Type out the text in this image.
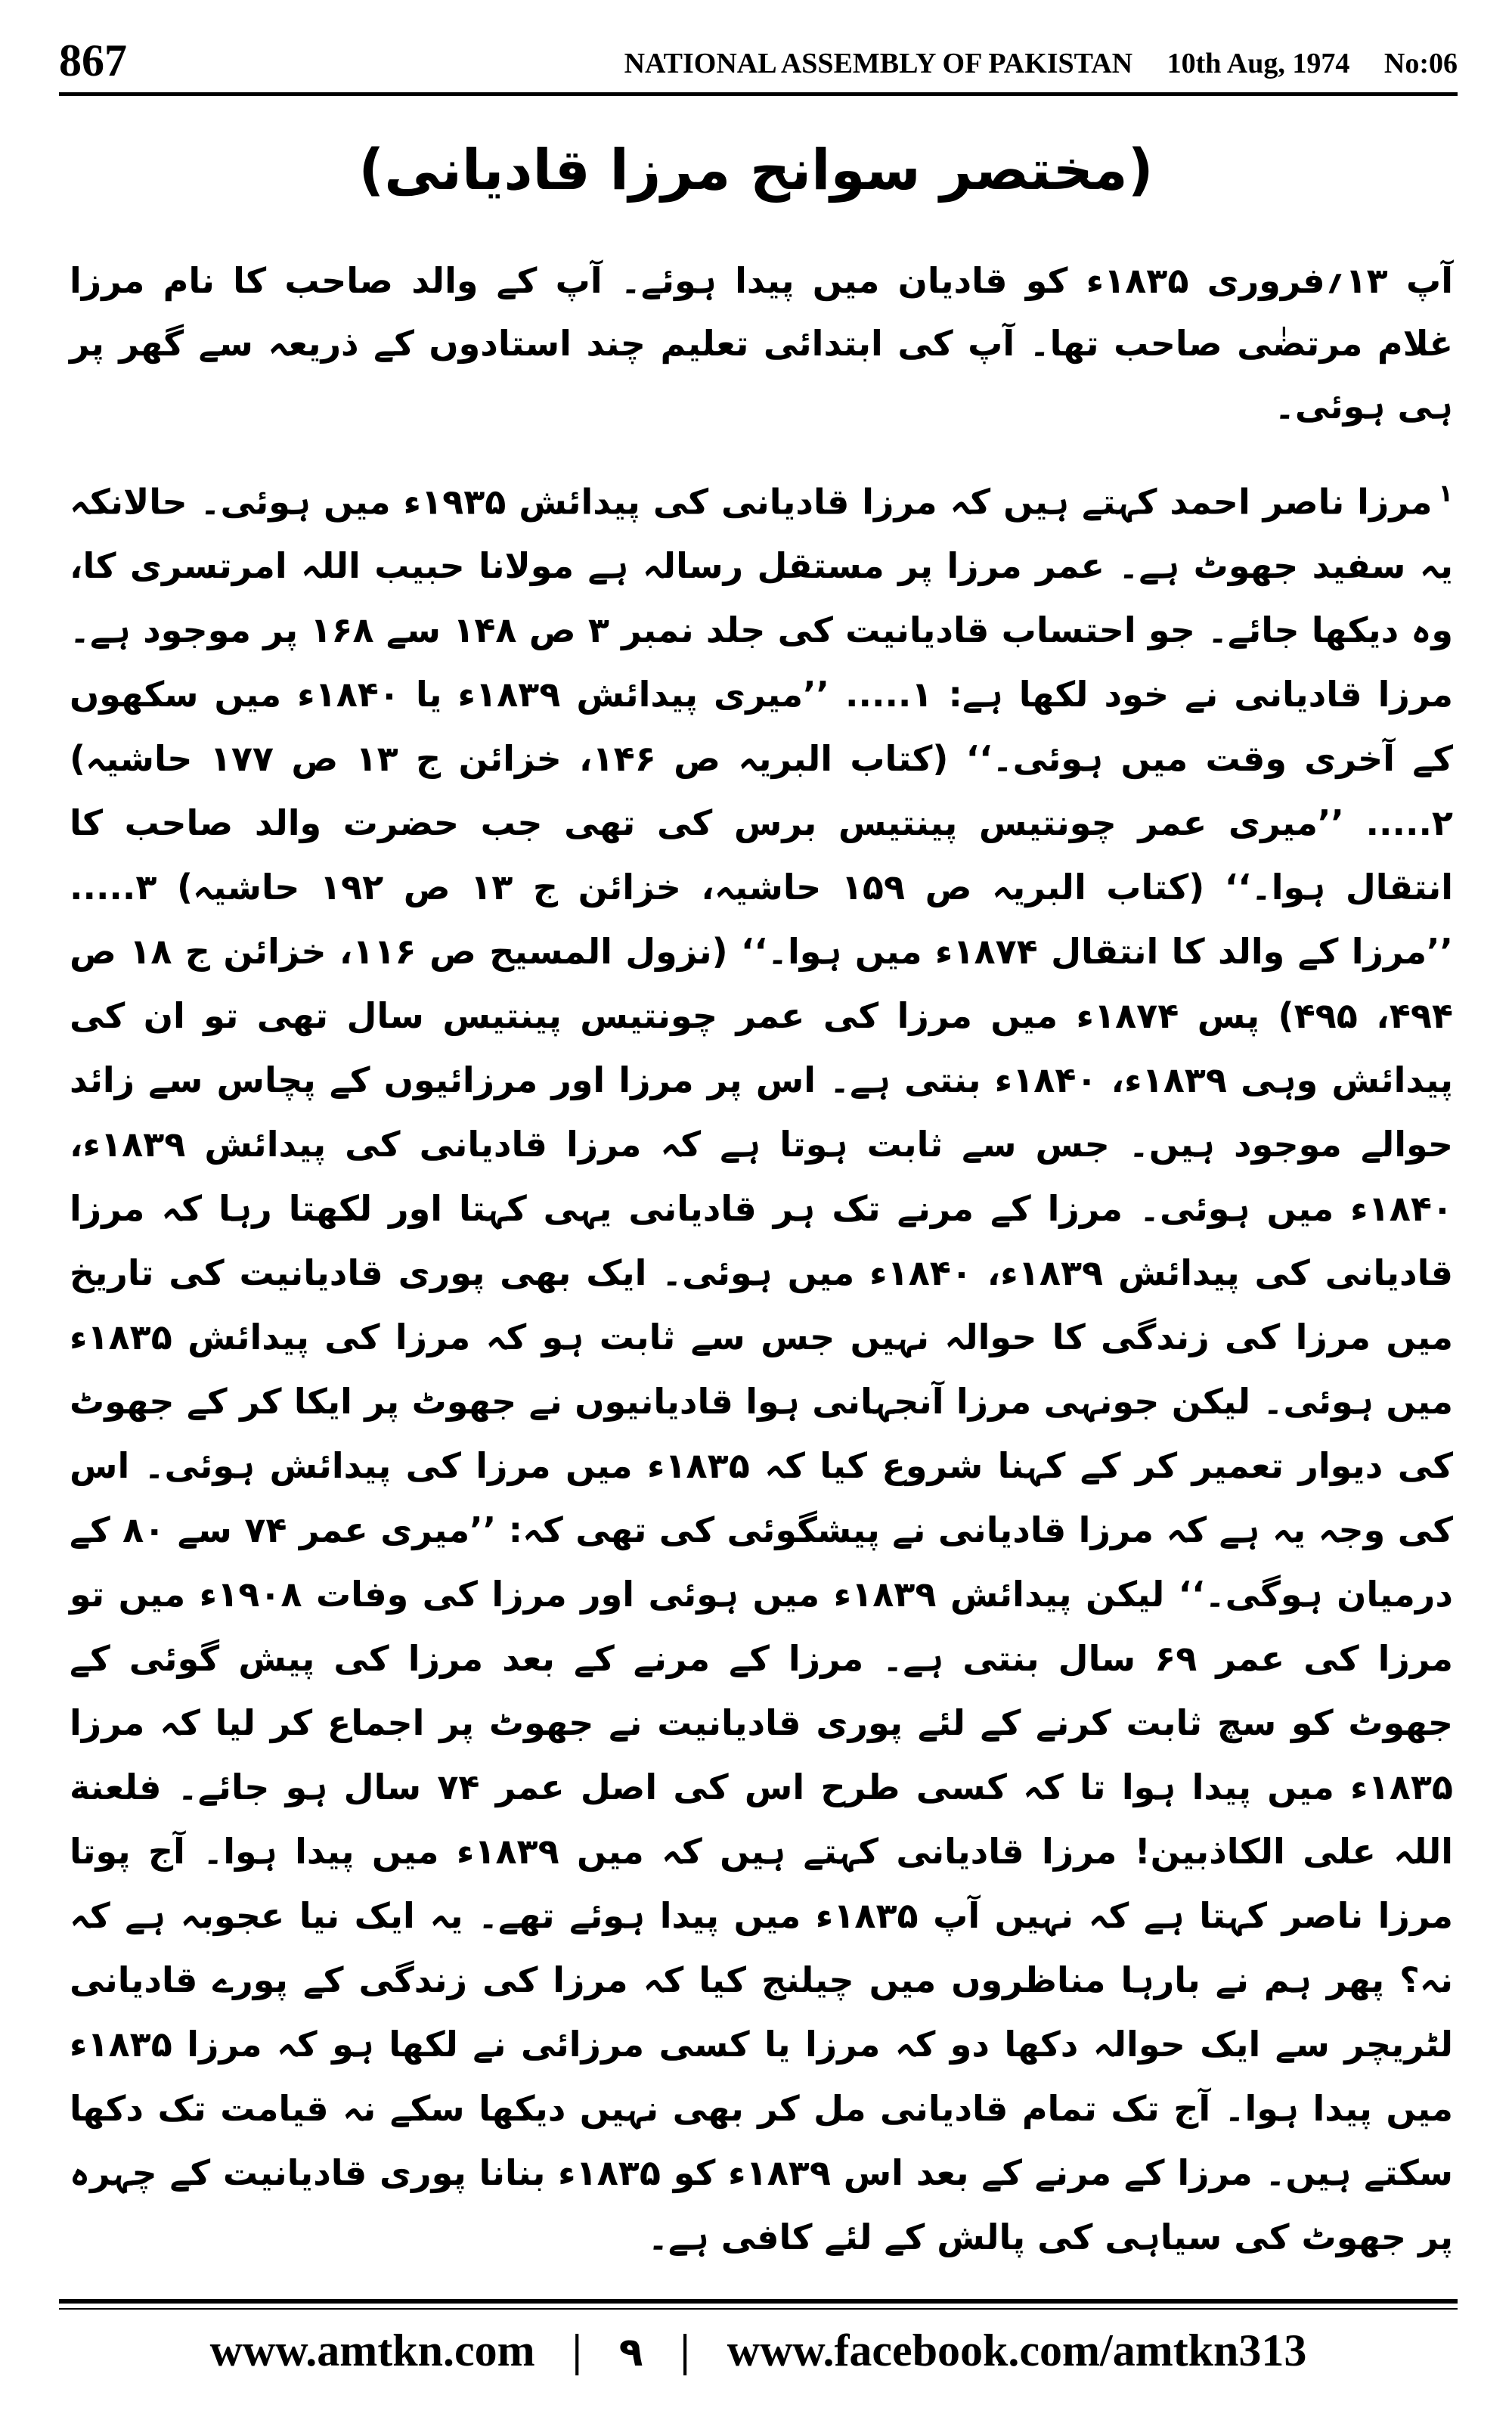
867	NATIONAL ASSEMBLY OF PAKISTAN 10th Aug, 1974 No:06
(مختصر سوانح مرزا قادیانی)

آپ ۱۳؍فروری ۱۸۳۵ء کو قادیان میں پیدا ہوئے۔ آپ کے والد صاحب کا نام مرزا غلام مرتضٰی صاحب تھا۔ آپ کی ابتدائی تعلیم چند استادوں کے ذریعہ سے گھر پر ہی ہوئی۔

$^۱$مرزا ناصر احمد کہتے ہیں کہ مرزا قادیانی کی پیدائش ۱۹۳۵ء میں ہوئی۔ حالانکہ یہ سفید جھوٹ ہے۔ عمر مرزا پر مستقل رسالہ ہے مولانا حبیب اللہ امرتسری کا، وہ دیکھا جائے۔ جو احتساب قادیانیت کی جلد نمبر ۳ ص ۱۴۸ سے ۱۶۸ پر موجود ہے۔ مرزا قادیانی نے خود لکھا ہے: ۱..... ’’میری پیدائش ۱۸۳۹ء یا ۱۸۴۰ء میں سکھوں کے آخری وقت میں ہوئی۔‘‘ (کتاب البریہ ص ۱۴۶، خزائن ج ۱۳ ص ۱۷۷ حاشیہ) ۲..... ’’میری عمر چونتیس پینتیس برس کی تھی جب حضرت والد صاحب کا انتقال ہوا۔‘‘ (کتاب البریہ ص ۱۵۹ حاشیہ، خزائن ج ۱۳ ص ۱۹۲ حاشیہ) ۳..... ’’مرزا کے والد کا انتقال ۱۸۷۴ء میں ہوا۔‘‘ (نزول المسیح ص ۱۱۶، خزائن ج ۱۸ ص ۴۹۴، ۴۹۵) پس ۱۸۷۴ء میں مرزا کی عمر چونتیس پینتیس سال تھی تو ان کی پیدائش وہی ۱۸۳۹ء، ۱۸۴۰ء بنتی ہے۔ اس پر مرزا اور مرزائیوں کے پچاس سے زائد حوالے موجود ہیں۔ جس سے ثابت ہوتا ہے کہ مرزا قادیانی کی پیدائش ۱۸۳۹ء، ۱۸۴۰ء میں ہوئی۔ مرزا کے مرنے تک ہر قادیانی یہی کہتا اور لکھتا رہا کہ مرزا قادیانی کی پیدائش ۱۸۳۹ء، ۱۸۴۰ء میں ہوئی۔ ایک بھی پوری قادیانیت کی تاریخ میں مرزا کی زندگی کا حوالہ نہیں جس سے ثابت ہو کہ مرزا کی پیدائش ۱۸۳۵ء میں ہوئی۔ لیکن جونہی مرزا آنجہانی ہوا قادیانیوں نے جھوٹ پر ایکا کر کے جھوٹ کی دیوار تعمیر کر کے کہنا شروع کیا کہ ۱۸۳۵ء میں مرزا کی پیدائش ہوئی۔ اس کی وجہ یہ ہے کہ مرزا قادیانی نے پیشگوئی کی تھی کہ: ’’میری عمر ۷۴ سے ۸۰ کے درمیان ہوگی۔‘‘ لیکن پیدائش ۱۸۳۹ء میں ہوئی اور مرزا کی وفات ۱۹۰۸ء میں تو مرزا کی عمر ۶۹ سال بنتی ہے۔ مرزا کے مرنے کے بعد مرزا کی پیش گوئی کے جھوٹ کو سچ ثابت کرنے کے لئے پوری قادیانیت نے جھوٹ پر اجماع کر لیا کہ مرزا ۱۸۳۵ء میں پیدا ہوا تا کہ کسی طرح اس کی اصل عمر ۷۴ سال ہو جائے۔ فلعنة اللہ علی الکاذبین! مرزا قادیانی کہتے ہیں کہ میں ۱۸۳۹ء میں پیدا ہوا۔ آج پوتا مرزا ناصر کہتا ہے کہ نہیں آپ ۱۸۳۵ء میں پیدا ہوئے تھے۔ یہ ایک نیا عجوبہ ہے کہ نہ؟ پھر ہم نے بارہا مناظروں میں چیلنج کیا کہ مرزا کی زندگی کے پورے قادیانی لٹریچر سے ایک حوالہ دکھا دو کہ مرزا یا کسی مرزائی نے لکھا ہو کہ مرزا ۱۸۳۵ء میں پیدا ہوا۔ آج تک تمام قادیانی مل کر بھی نہیں دیکھا سکے نہ قیامت تک دکھا سکتے ہیں۔ مرزا کے مرنے کے بعد اس ۱۸۳۹ء کو ۱۸۳۵ء بنانا پوری قادیانیت کے چہرہ پر جھوٹ کی سیاہی کی پالش کے لئے کافی ہے۔

www.amtkn.com | ۹ | www.facebook.com/amtkn313
